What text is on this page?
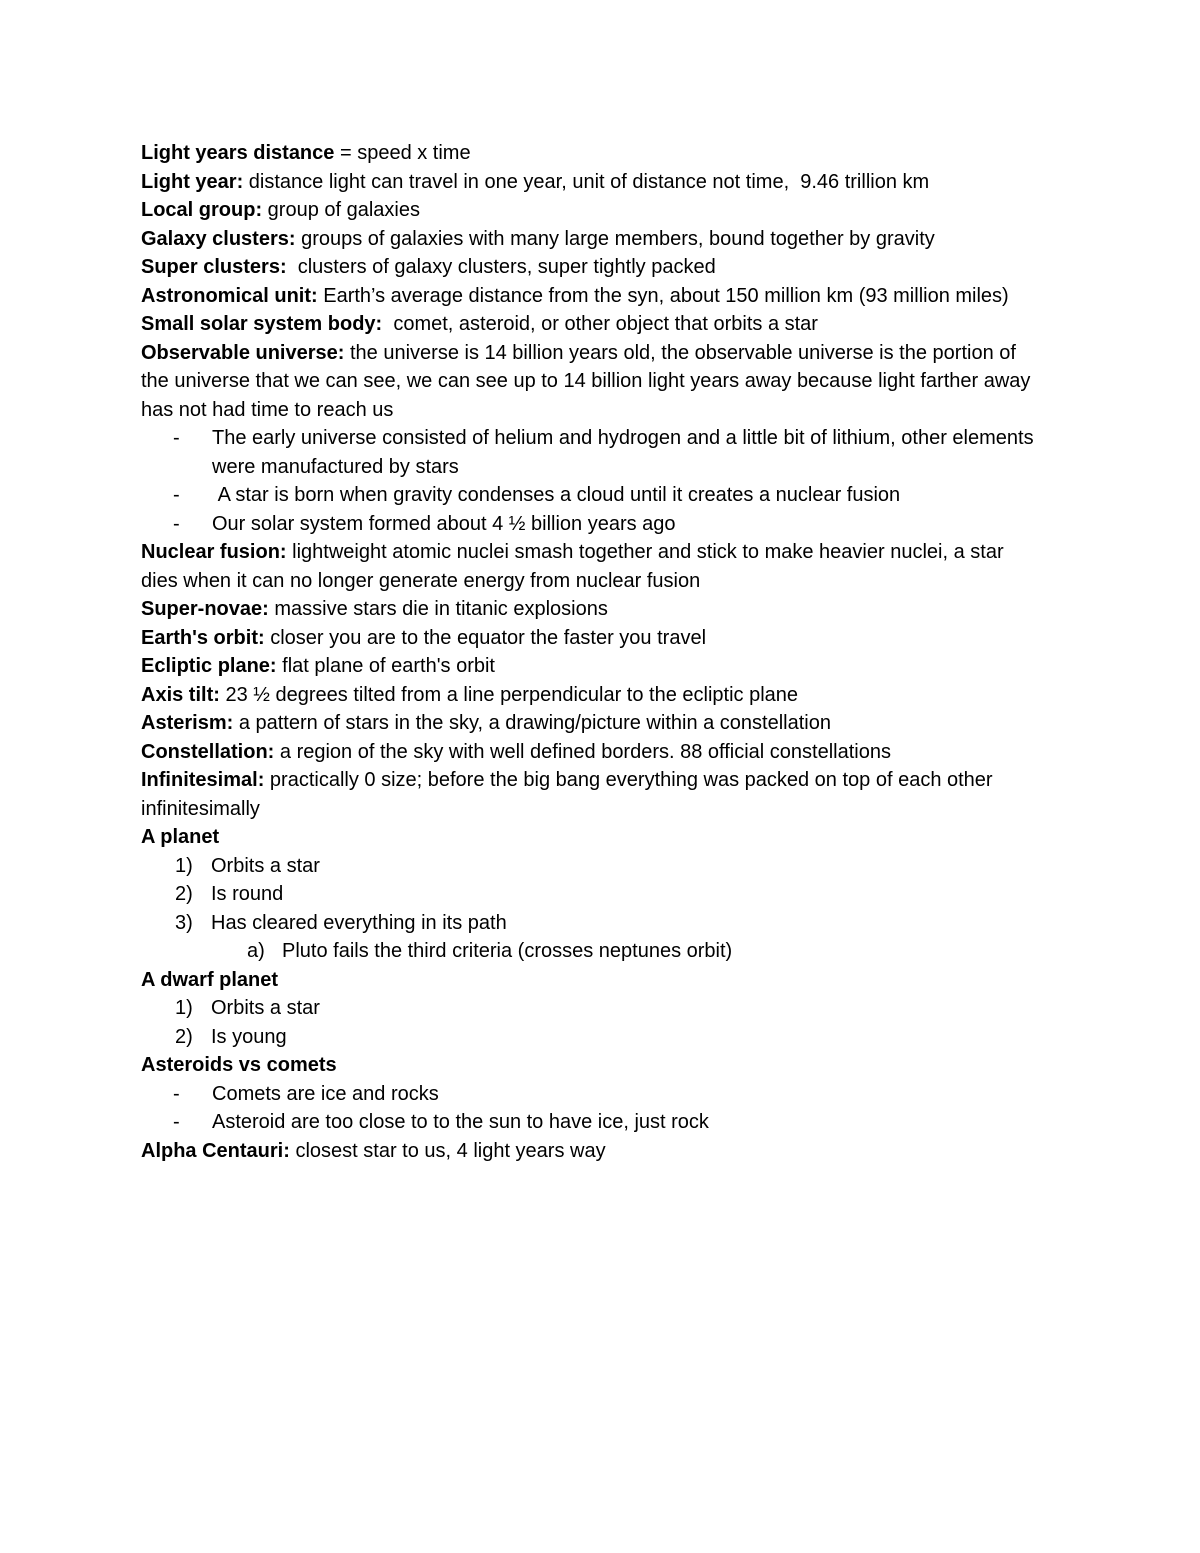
Light years distance = speed x time
Light year: distance light can travel in one year, unit of distance not time,  9.46 trillion km
Local group: group of galaxies
Galaxy clusters: groups of galaxies with many large members, bound together by gravity
Super clusters:  clusters of galaxy clusters, super tightly packed
Astronomical unit: Earth’s average distance from the syn, about 150 million km (93 million miles)
Small solar system body:  comet, asteroid, or other object that orbits a star
Observable universe: the universe is 14 billion years old, the observable universe is the portion of the universe that we can see, we can see up to 14 billion light years away because light farther away has not had time to reach us
-	The early universe consisted of helium and hydrogen and a little bit of lithium, other elements were manufactured by stars
-	A star is born when gravity condenses a cloud until it creates a nuclear fusion
-	Our solar system formed about 4 ½ billion years ago
Nuclear fusion: lightweight atomic nuclei smash together and stick to make heavier nuclei, a star dies when it can no longer generate energy from nuclear fusion
Super-novae: massive stars die in titanic explosions
Earth's orbit: closer you are to the equator the faster you travel
Ecliptic plane: flat plane of earth's orbit
Axis tilt: 23 ½ degrees tilted from a line perpendicular to the ecliptic plane
Asterism: a pattern of stars in the sky, a drawing/picture within a constellation
Constellation: a region of the sky with well defined borders. 88 official constellations
Infinitesimal: practically 0 size; before the big bang everything was packed on top of each other infinitesimally
A planet
1) Orbits a star
2) Is round
3) Has cleared everything in its path
a) Pluto fails the third criteria (crosses neptunes orbit)
A dwarf planet
1) Orbits a star
2) Is young
Asteroids vs comets
-	Comets are ice and rocks
-	Asteroid are too close to to the sun to have ice, just rock
Alpha Centauri: closest star to us, 4 light years way
